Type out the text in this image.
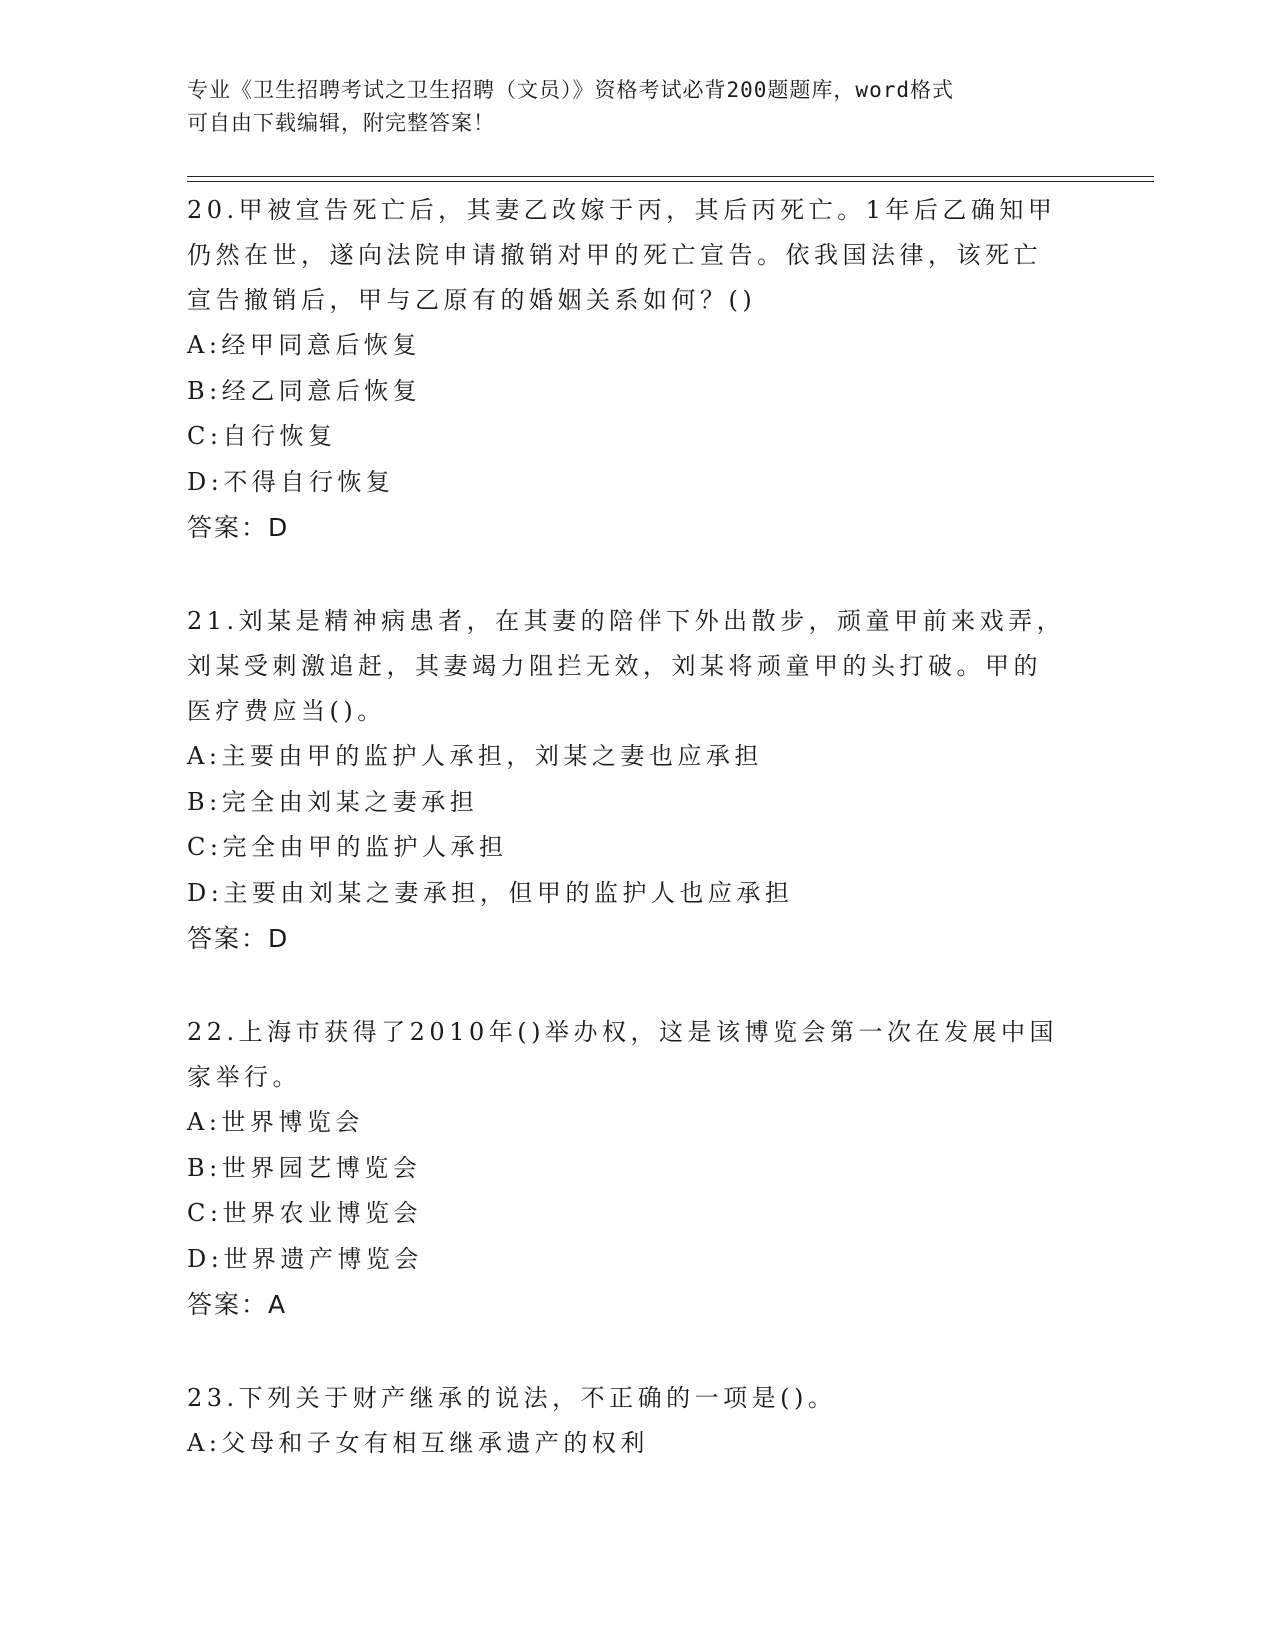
专业《卫生招聘考试之卫生招聘（文员）》资格考试必背200题题库，word格式
可自由下载编辑，附完整答案！
20.甲被宣告死亡后，其妻乙改嫁于丙，其后丙死亡。1年后乙确知甲仍然在世，遂向法院申请撤销对甲的死亡宣告。依我国法律，该死亡宣告撤销后，甲与乙原有的婚姻关系如何？()
A:经甲同意后恢复
B:经乙同意后恢复
C:自行恢复
D:不得自行恢复
答案：D
21.刘某是精神病患者，在其妻的陪伴下外出散步，顽童甲前来戏弄，刘某受刺激追赶，其妻竭力阻拦无效，刘某将顽童甲的头打破。甲的医疗费应当()。
A:主要由甲的监护人承担，刘某之妻也应承担
B:完全由刘某之妻承担
C:完全由甲的监护人承担
D:主要由刘某之妻承担，但甲的监护人也应承担
答案：D
22.上海市获得了2010年()举办权，这是该博览会第一次在发展中国家举行。
A:世界博览会
B:世界园艺博览会
C:世界农业博览会
D:世界遗产博览会
答案：A
23.下列关于财产继承的说法，不正确的一项是()。
A:父母和子女有相互继承遗产的权利
